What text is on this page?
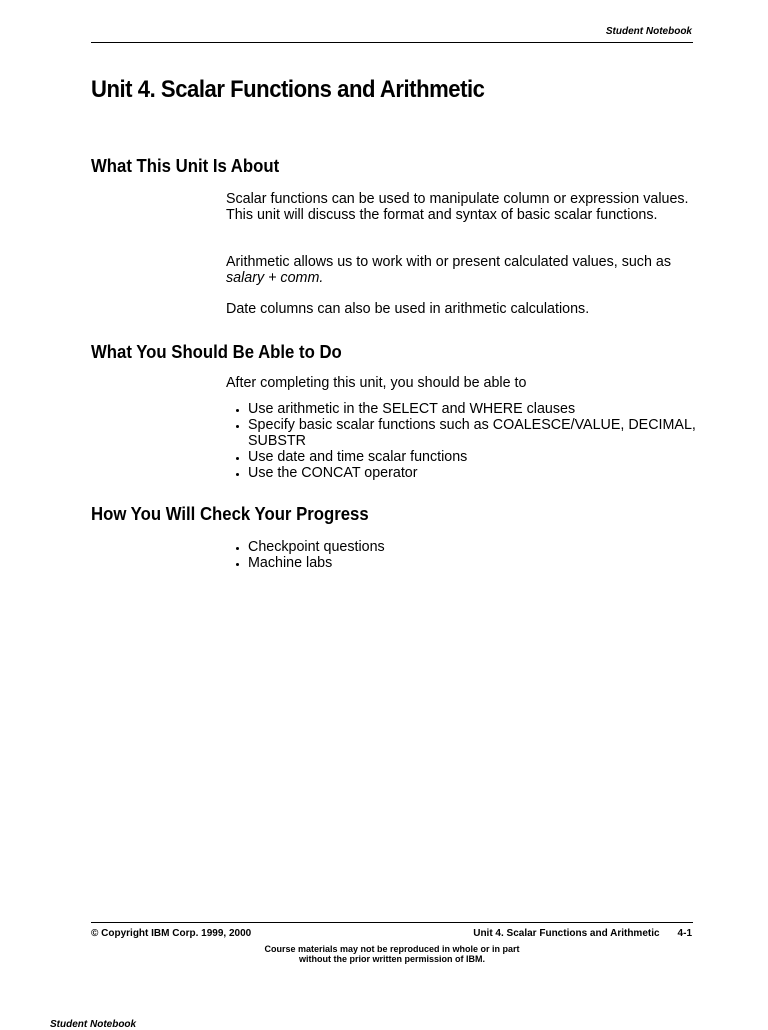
Student Notebook
Unit 4. Scalar Functions and Arithmetic
What This Unit Is About

Scalar functions can be used to manipulate column or expression values. This unit will discuss the format and syntax of basic scalar functions.

Arithmetic allows us to work with or present calculated values, such as salary + comm.

Date columns can also be used in arithmetic calculations.

What You Should Be Able to Do

After completing this unit, you should be able to

Use arithmetic in the SELECT and WHERE clauses
Specify basic scalar functions such as COALESCE/VALUE, DECIMAL, SUBSTR
Use date and time scalar functions
Use the CONCAT operator
How You Will Check Your Progress
Checkpoint questions
Machine labs
© Copyright IBM Corp. 1999, 2000	Unit 4. Scalar Functions and Arithmetic 4-1
Course materials may not be reproduced in whole or in part
without the prior written permission of IBM.
Student Notebook
